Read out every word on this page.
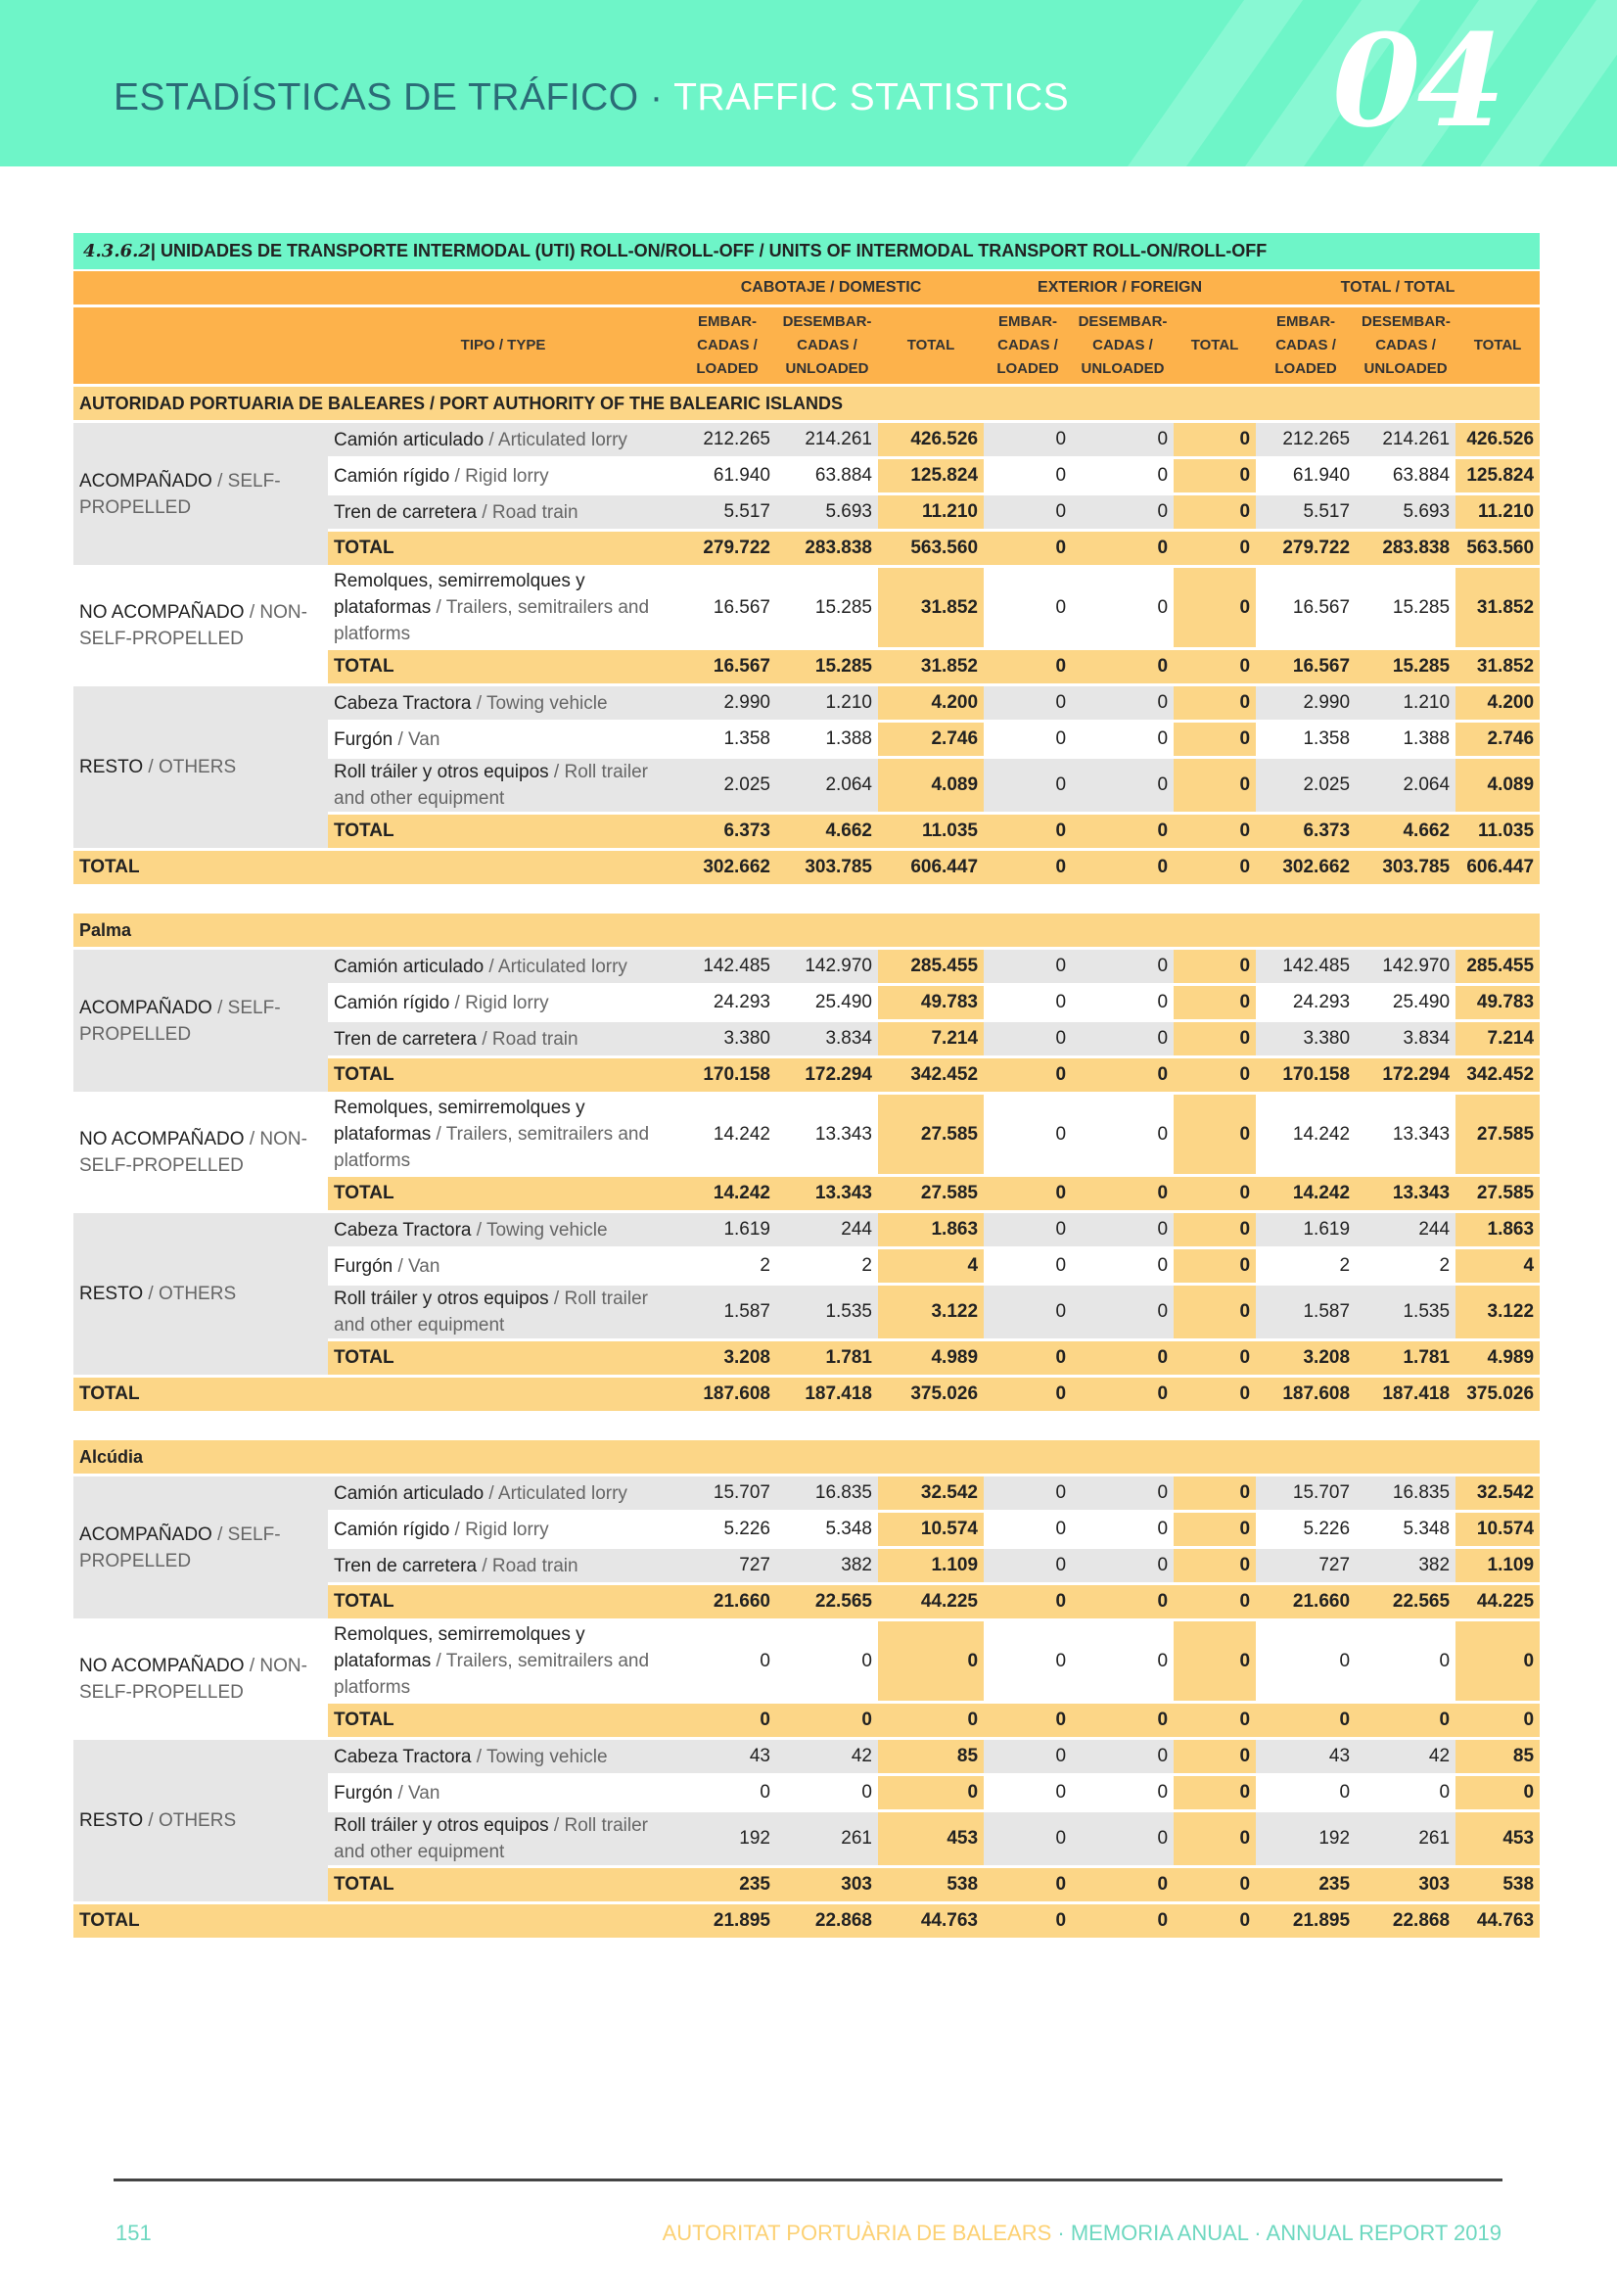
ESTADÍSTICAS DE TRÁFICO · TRAFFIC STATISTICS 04
4.3.6.2| UNIDADES DE TRANSPORTE INTERMODAL (UTI) ROLL-ON/ROLL-OFF / UNITS OF INTERMODAL TRANSPORT ROLL-ON/ROLL-OFF
		CABOTAJE / DOMESTIC			EXTERIOR / FOREIGN			TOTAL / TOTAL		
	TIPO / TYPE	EMBAR-CADAS / LOADED	DESEMBAR-CADAS / UNLOADED	TOTAL	EMBAR-CADAS / LOADED	DESEMBAR-CADAS / UNLOADED	TOTAL	EMBAR-CADAS / LOADED	DESEMBAR-CADAS / UNLOADED	TOTAL
AUTORIDAD PORTUARIA DE BALEARES / PORT AUTHORITY OF THE BALEARIC ISLANDS										
ACOMPAÑADO / SELF-PROPELLED	Camión articulado / Articulated lorry	212.265	214.261	426.526	0	0	0	212.265	214.261	426.526
	Camión rígido / Rigid lorry	61.940	63.884	125.824	0	0	0	61.940	63.884	125.824
	Tren de carretera / Road train	5.517	5.693	11.210	0	0	0	5.517	5.693	11.210
	TOTAL	279.722	283.838	563.560	0	0	0	279.722	283.838	563.560
NO ACOMPAÑADO / NON-SELF-PROPELLED	Remolques, semirremolques y plataformas / Trailers, semitrailers and platforms	16.567	15.285	31.852	0	0	0	16.567	15.285	31.852
	TOTAL	16.567	15.285	31.852	0	0	0	16.567	15.285	31.852
RESTO / OTHERS	Cabeza Tractora / Towing vehicle	2.990	1.210	4.200	0	0	0	2.990	1.210	4.200
	Furgón / Van	1.358	1.388	2.746	0	0	0	1.358	1.388	2.746
	Roll tráiler y otros equipos / Roll trailer and other equipment	2.025	2.064	4.089	0	0	0	2.025	2.064	4.089
	TOTAL	6.373	4.662	11.035	0	0	0	6.373	4.662	11.035
TOTAL		302.662	303.785	606.447	0	0	0	302.662	303.785	606.447

Palma										
ACOMPAÑADO / SELF-PROPELLED	Camión articulado / Articulated lorry	142.485	142.970	285.455	0	0	0	142.485	142.970	285.455
	Camión rígido / Rigid lorry	24.293	25.490	49.783	0	0	0	24.293	25.490	49.783
	Tren de carretera / Road train	3.380	3.834	7.214	0	0	0	3.380	3.834	7.214
	TOTAL	170.158	172.294	342.452	0	0	0	170.158	172.294	342.452
NO ACOMPAÑADO / NON-SELF-PROPELLED	Remolques, semirremolques y plataformas / Trailers, semitrailers and platforms	14.242	13.343	27.585	0	0	0	14.242	13.343	27.585
	TOTAL	14.242	13.343	27.585	0	0	0	14.242	13.343	27.585
RESTO / OTHERS	Cabeza Tractora / Towing vehicle	1.619	244	1.863	0	0	0	1.619	244	1.863
	Furgón / Van	2	2	4	0	0	0	2	2	4
	Roll tráiler y otros equipos / Roll trailer and other equipment	1.587	1.535	3.122	0	0	0	1.587	1.535	3.122
	TOTAL	3.208	1.781	4.989	0	0	0	3.208	1.781	4.989
TOTAL		187.608	187.418	375.026	0	0	0	187.608	187.418	375.026

Alcúdia										
ACOMPAÑADO / SELF-PROPELLED	Camión articulado / Articulated lorry	15.707	16.835	32.542	0	0	0	15.707	16.835	32.542
	Camión rígido / Rigid lorry	5.226	5.348	10.574	0	0	0	5.226	5.348	10.574
	Tren de carretera / Road train	727	382	1.109	0	0	0	727	382	1.109
	TOTAL	21.660	22.565	44.225	0	0	0	21.660	22.565	44.225
NO ACOMPAÑADO / NON-SELF-PROPELLED	Remolques, semirremolques y plataformas / Trailers, semitrailers and platforms	0	0	0	0	0	0	0	0	0
	TOTAL	0	0	0	0	0	0	0	0	0
RESTO / OTHERS	Cabeza Tractora / Towing vehicle	43	42	85	0	0	0	43	42	85
	Furgón / Van	0	0	0	0	0	0	0	0	0
	Roll tráiler y otros equipos / Roll trailer and other equipment	192	261	453	0	0	0	192	261	453
	TOTAL	235	303	538	0	0	0	235	303	538
TOTAL		21.895	22.868	44.763	0	0	0	21.895	22.868	44.763
151	AUTORITAT PORTUÀRIA DE BALEARS · MEMORIA ANUAL · ANNUAL REPORT 2019
